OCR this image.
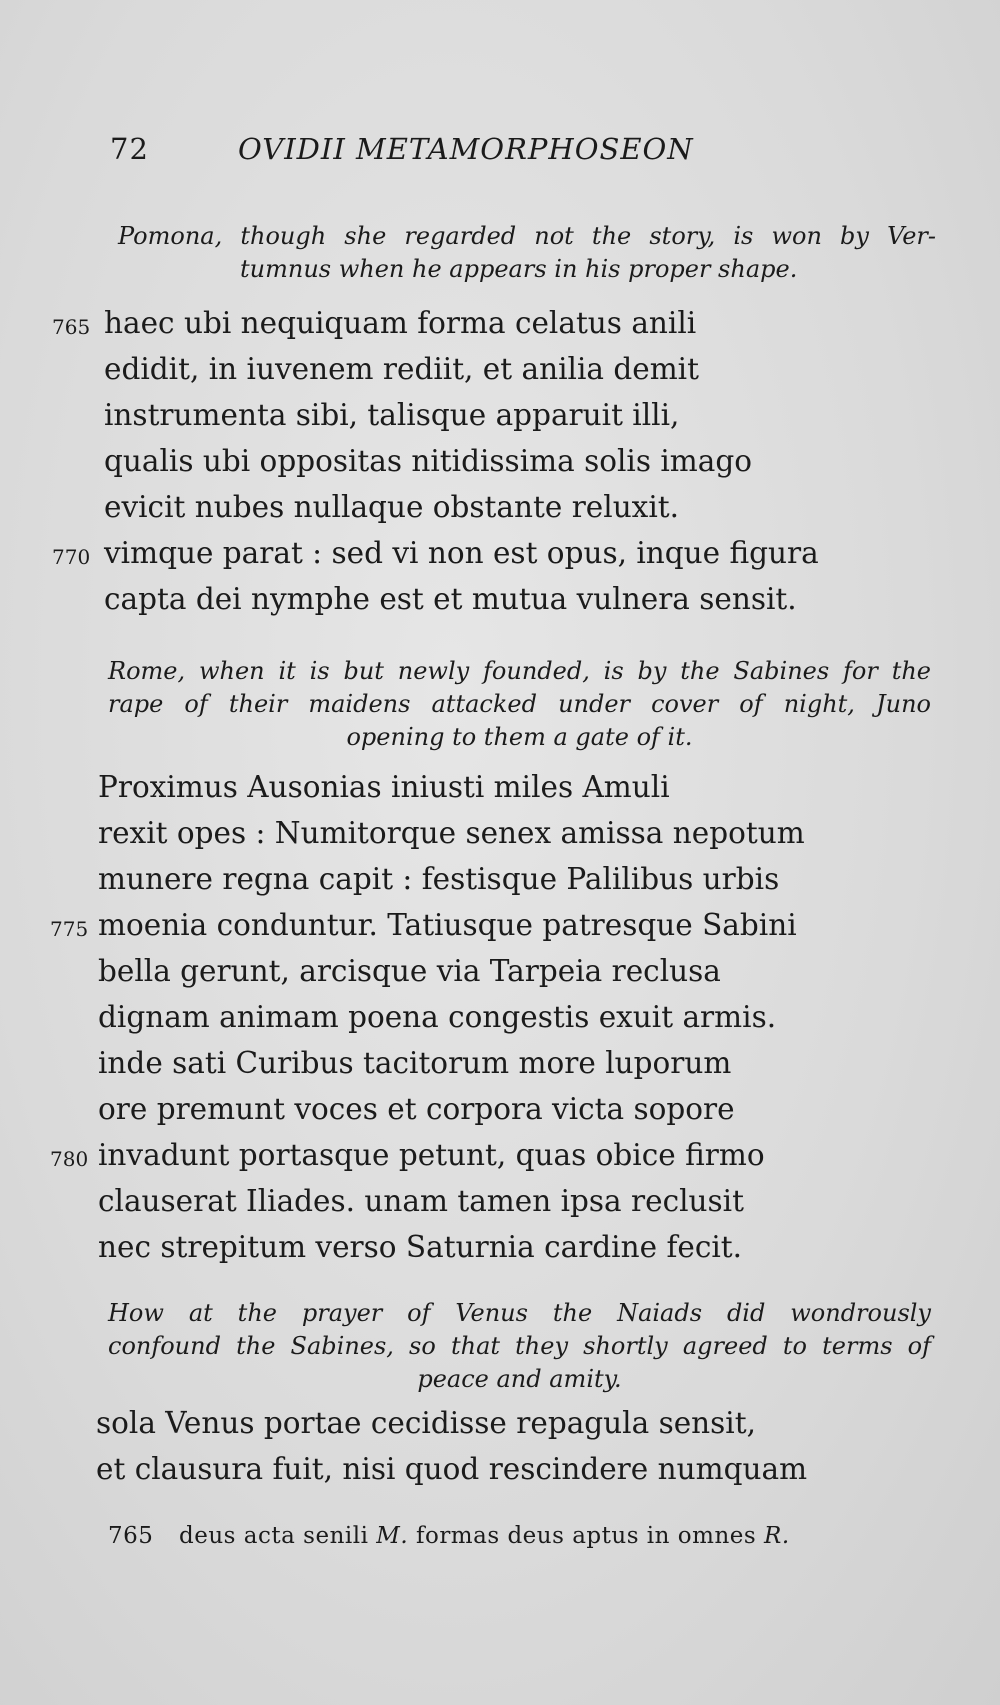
72	OVIDII METAMORPHOSEON
Pomona, though she regarded not the story, is won by Ver-
tumnus when he appears in his proper shape.
765 haec ubi nequiquam forma celatus anili
edidit, in iuvenem rediit, et anilia demit
instrumenta sibi, talisque apparuit illi,
qualis ubi oppositas nitidissima solis imago
evicit nubes nullaque obstante reluxit.
770 vimque parat : sed vi non est opus, inque figura
capta dei nymphe est et mutua vulnera sensit.
Rome, when it is but newly founded, is by the Sabines for the
rape of their maidens attacked under cover of night, Juno
opening to them a gate of it.
Proximus Ausonias iniusti miles Amuli
rexit opes : Numitorque senex amissa nepotum
munere regna capit : festisque Palilibus urbis
775 moenia conduntur. Tatiusque patresque Sabini
bella gerunt, arcisque via Tarpeia reclusa
dignam animam poena congestis exuit armis.
inde sati Curibus tacitorum more luporum
ore premunt voces et corpora victa sopore
780 invadunt portasque petunt, quas obice firmo
clauserat Iliades. unam tamen ipsa reclusit
nec strepitum verso Saturnia cardine fecit.
How at the prayer of Venus the Naiads did wondrously
confound the Sabines, so that they shortly agreed to terms of
peace and amity.
sola Venus portae cecidisse repagula sensit,
et clausura fuit, nisi quod rescindere numquam
765 deus acta senili M. formas deus aptus in omnes R.
